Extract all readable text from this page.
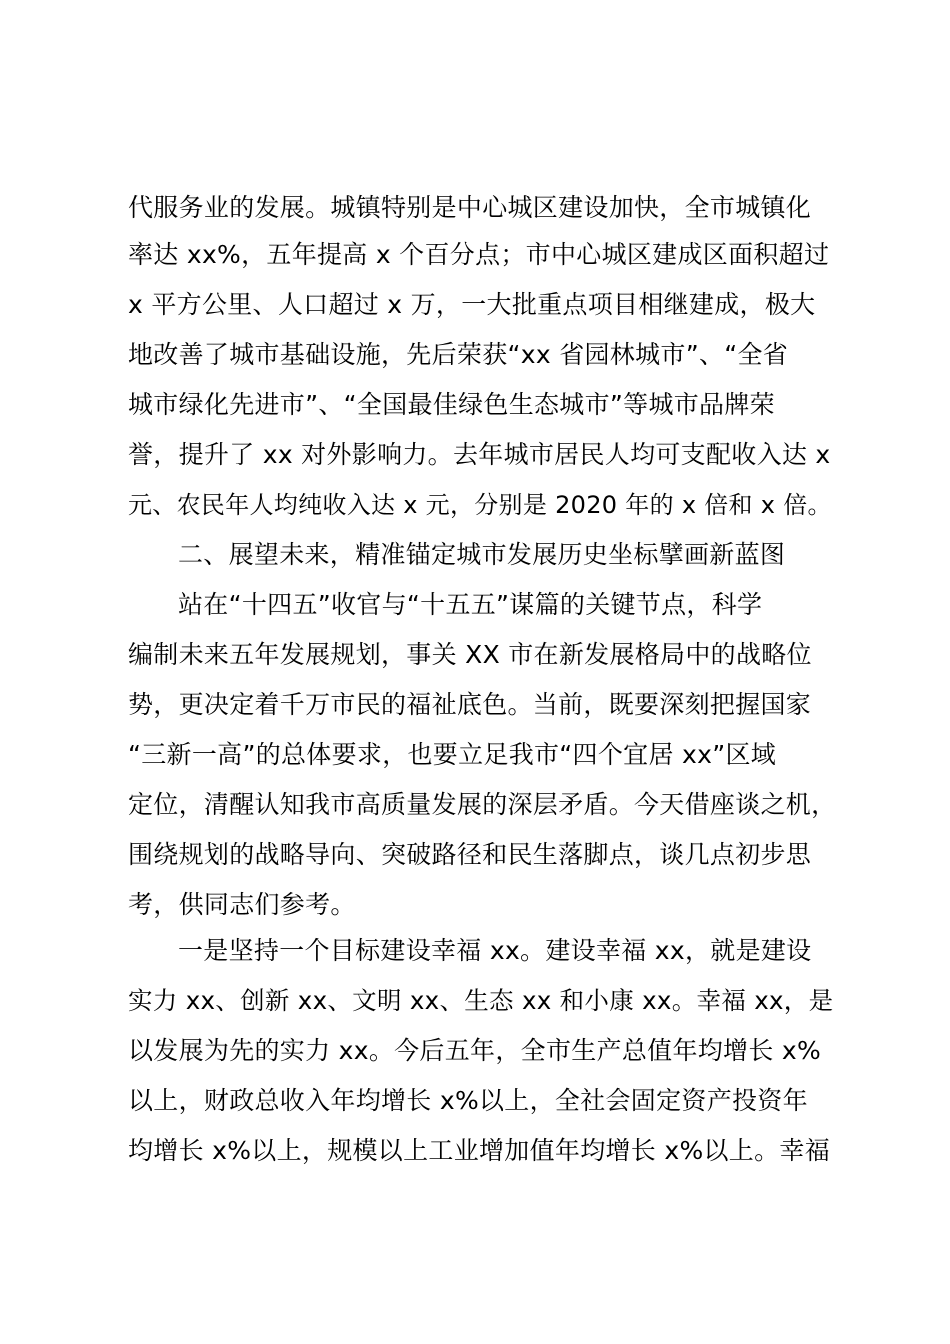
代服务业的发展。城镇特别是中心城区建设加快，全市城镇化
率达 xx%，五年提高 x 个百分点；市中心城区建成区面积超过
x 平方公里、人口超过 x 万，一大批重点项目相继建成，极大
地改善了城市基础设施，先后荣获“xx 省园林城市”、“全省
城市绿化先进市”、“全国最佳绿色生态城市”等城市品牌荣
誉，提升了 xx 对外影响力。去年城市居民人均可支配收入达 x
元、农民年人均纯收入达 x 元，分别是 2020 年的 x 倍和 x 倍。
二、展望未来，精准锚定城市发展历史坐标擘画新蓝图
站在“十四五”收官与“十五五”谋篇的关键节点，科学
编制未来五年发展规划，事关 XX 市在新发展格局中的战略位
势，更决定着千万市民的福祉底色。当前，既要深刻把握国家
“三新一高”的总体要求，也要立足我市“四个宜居 xx”区域
定位，清醒认知我市高质量发展的深层矛盾。今天借座谈之机，
围绕规划的战略导向、突破路径和民生落脚点，谈几点初步思
考，供同志们参考。
一是坚持一个目标建设幸福 xx。建设幸福 xx，就是建设
实力 xx、创新 xx、文明 xx、生态 xx 和小康 xx。幸福 xx，是
以发展为先的实力 xx。今后五年，全市生产总值年均增长 x%
以上，财政总收入年均增长 x%以上，全社会固定资产投资年
均增长 x%以上，规模以上工业增加值年均增长 x%以上。幸福
